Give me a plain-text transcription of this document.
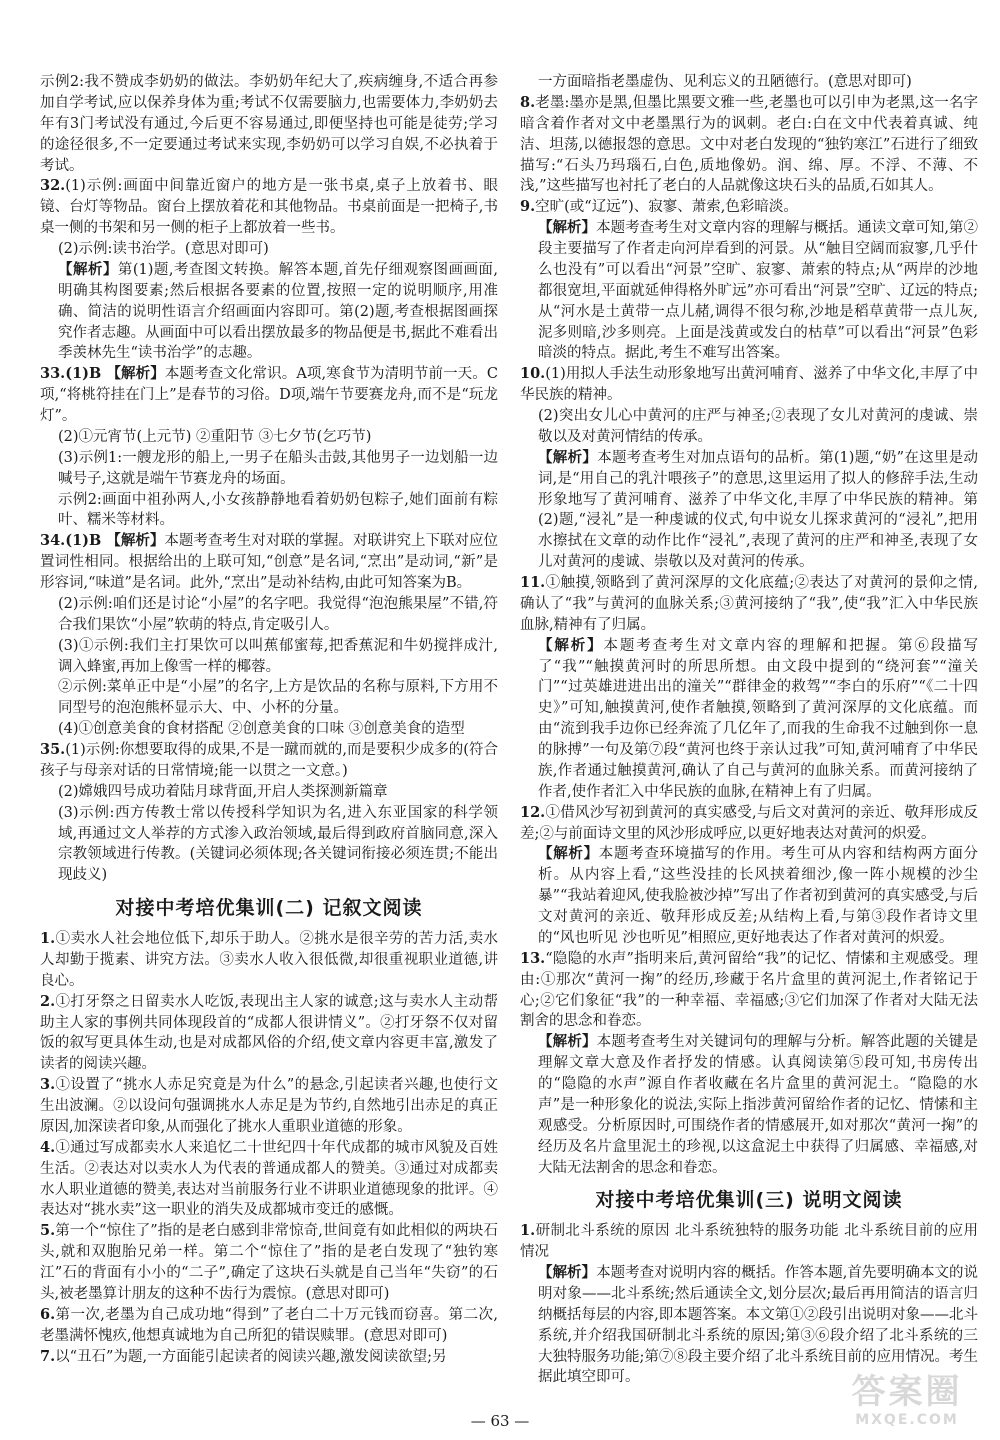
示例2:我不赞成李奶奶的做法。李奶奶年纪大了,疾病缠身,不适合再参加自学考试,应以保养身体为重;考试不仅需要脑力,也需要体力,李奶奶去年有3门考试没有通过,今后更不容易通过,即便坚持也可能是徒劳;学习的途径很多,不一定要通过考试来实现,李奶奶可以学习自娱,不必执着于考试。

32.(1)示例:画面中间靠近窗户的地方是一张书桌,桌子上放着书、眼镜、台灯等物品。窗台上摆放着花和其他物品。书桌前面是一把椅子,书桌一侧的书架和另一侧的柜子上都放着一些书。

(2)示例:读书治学。(意思对即可)

【解析】第(1)题,考查图文转换。解答本题,首先仔细观察图画画面,明确其构图要素;然后根据各要素的位置,按照一定的说明顺序,用准确、简洁的说明性语言介绍画面内容即可。第(2)题,考查根据图画探究作者志趣。从画面中可以看出摆放最多的物品便是书,据此不难看出季羡林先生“读书治学”的志趣。

33.(1)B 【解析】本题考查文化常识。A项,寒食节为清明节前一天。C项,“将桃符挂在门上”是春节的习俗。D项,端午节要赛龙舟,而不是“玩龙灯”。

(2)①元宵节(上元节) ②重阳节 ③七夕节(乞巧节)

(3)示例1:一艘龙形的船上,一男子在船头击鼓,其他男子一边划船一边喊号子,这就是端午节赛龙舟的场面。

示例2:画面中祖孙两人,小女孩静静地看着奶奶包粽子,她们面前有粽叶、糯米等材料。

34.(1)B 【解析】本题考查考生对对联的掌握。对联讲究上下联对应位置词性相同。根据给出的上联可知,“创意”是名词,“烹出”是动词,“新”是形容词,“味道”是名词。此外,“烹出”是动补结构,由此可知答案为B。

(2)示例:咱们还是讨论“小屋”的名字吧。我觉得“泡泡熊果屋”不错,符合我们果饮“小屋”软萌的特点,肯定吸引人。

(3)①示例:我们主打果饮可以叫蕉郁蜜莓,把香蕉泥和牛奶搅拌成汁,调入蜂蜜,再加上像雪一样的椰蓉。

②示例:菜单正中是“小屋”的名字,上方是饮品的名称与原料,下方用不同型号的泡泡熊杯显示大、中、小杯的分量。

(4)①创意美食的食材搭配 ②创意美食的口味 ③创意美食的造型

35.(1)示例:你想要取得的成果,不是一蹴而就的,而是要积少成多的(符合孩子与母亲对话的日常情境;能一以贯之一文意。)

(2)嫦娥四号成功着陆月球背面,开启人类探测新篇章

(3)示例:西方传教士常以传授科学知识为名,进入东亚国家的科学领域,再通过文人举荐的方式渗入政治领域,最后得到政府首脑同意,深入宗教领域进行传教。(关键词必须体现;各关键词衔接必须连贯;不能出现歧义)

对接中考培优集训(二) 记叙文阅读

1.①卖水人社会地位低下,却乐于助人。②挑水是很辛劳的苦力活,卖水人却勤于揽素、讲究方法。③卖水人收入很低微,却很重视职业道德,讲良心。

2.①打牙祭之日留卖水人吃饭,表现出主人家的诚意;这与卖水人主动帮助主人家的事例共同体现段首的“成都人很讲情义”。②打牙祭不仅对留饭的叙写更具体生动,也是对成都风俗的介绍,使文章内容更丰富,激发了读者的阅读兴趣。

3.①设置了“挑水人赤足究竟是为什么”的悬念,引起读者兴趣,也使行文生出波澜。②以设问句强调挑水人赤足是为节约,自然地引出赤足的真正原因,加深读者印象,从而强化了挑水人重职业道德的形象。

4.①通过写成都卖水人来追忆二十世纪四十年代成都的城市风貌及百姓生活。②表达对以卖水人为代表的普通成都人的赞美。③通过对成都卖水人职业道德的赞美,表达对当前服务行业不讲职业道德现象的批评。④表达对“挑水卖”这一职业的消失及成都城市变迁的感慨。

5.第一个“惊住了”指的是老白感到非常惊奇,世间竟有如此相似的两块石头,就和双胞胎兄弟一样。第二个“惊住了”指的是老白发现了“独钓寒江”石的背面有小小的“二子”,确定了这块石头就是自己当年“失窃”的石头,被老墨算计朋友的这种不齿行为震惊。(意思对即可)

6.第一次,老墨为自己成功地“得到”了老白二十万元钱而窃喜。第二次,老墨满怀愧疚,他想真诚地为自己所犯的错误赎罪。(意思对即可)

7.以“丑石”为题,一方面能引起读者的阅读兴趣,激发阅读欲望;另

一方面暗指老墨虚伪、见利忘义的丑陋德行。(意思对即可)

8.老墨:墨亦是黑,但墨比黑要文雅一些,老墨也可以引申为老黑,这一名字暗含着作者对文中老墨黑行为的讽刺。老白:白在文中代表着真诚、纯洁、坦荡,以德报怨的意思。文中对老白发现的“独钓寒江”石进行了细致描写:“石头乃玛瑙石,白色,质地像奶。润、绵、厚。不浮、不薄、不浅,”这些描写也衬托了老白的人品就像这块石头的品质,石如其人。

9.空旷(或“辽远”)、寂寥、萧索,色彩暗淡。

【解析】本题考查考生对文章内容的理解与概括。通读文章可知,第②段主要描写了作者走向河岸看到的河景。从“触目空阔而寂寥,几乎什么也没有”可以看出“河景”空旷、寂寥、萧索的特点;从“两岸的沙地都很宽坦,平面就延伸得格外旷远”亦可看出“河景”空旷、辽远的特点;从“河水是土黄带一点儿赭,调得不很匀称,沙地是稻草黄带一点儿灰,泥多则暗,沙多则亮。上面是浅黄或发白的枯草”可以看出“河景”色彩暗淡的特点。据此,考生不难写出答案。

10.(1)用拟人手法生动形象地写出黄河哺育、滋养了中华文化,丰厚了中华民族的精神。

(2)突出女儿心中黄河的庄严与神圣;②表现了女儿对黄河的虔诚、崇敬以及对黄河情结的传承。

【解析】本题考查考生对加点语句的品析。第(1)题,“奶”在这里是动词,是“用自己的乳汁喂孩子”的意思,这里运用了拟人的修辞手法,生动形象地写了黄河哺育、滋养了中华文化,丰厚了中华民族的精神。第(2)题,“浸礼”是一种虔诚的仪式,句中说女儿探求黄河的“浸礼”,把用水擦拭在文章的动作比作“浸礼”,表现了黄河的庄严和神圣,表现了女儿对黄河的虔诚、崇敬以及对黄河的传承。

11.①触摸,领略到了黄河深厚的文化底蕴;②表达了对黄河的景仰之情,确认了“我”与黄河的血脉关系;③黄河接纳了“我”,使“我”汇入中华民族血脉,精神有了归属。

【解析】本题考查考生对文章内容的理解和把握。第⑥段描写了“我”“触摸黄河时的所思所想。由文段中提到的“绕河套”“潼关门”“过英雄进进出出的潼关”“群律金的救驾”“李白的乐府”“《二十四史》”可知,触摸黄河,使作者触摸,领略到了黄河深厚的文化底蕴。而由“流到我手边你已经奔流了几亿年了,而我的生命我不过触到你一息的脉搏”一句及第⑦段“黄河也终于亲认过我”可知,黄河哺育了中华民族,作者通过触摸黄河,确认了自己与黄河的血脉关系。而黄河接纳了作者,使作者汇入中华民族的血脉,在精神上有了归属。

12.①借风沙写初到黄河的真实感受,与后文对黄河的亲近、敬拜形成反差;②与前面诗文里的风沙形成呼应,以更好地表达对黄河的炽爱。

【解析】本题考查环境描写的作用。考生可从内容和结构两方面分析。从内容上看,“这些没挂的长风挟着细沙,像一阵小规模的沙尘暴”“我站着迎风,使我脸被沙掉”写出了作者初到黄河的真实感受,与后文对黄河的亲近、敬拜形成反差;从结构上看,与第③段作者诗文里的“风也听见 沙也听见”相照应,更好地表达了作者对黄河的炽爱。

13.“隐隐的水声”指明来后,黄河留给“我”的记忆、情愫和主观感受。理由:①那次“黄河一掬”的经历,珍藏于名片盒里的黄河泥土,作者铭记于心;②它们象征“我”的一种幸福、幸福感;③它们加深了作者对大陆无法割舍的思念和眷恋。

【解析】本题考查考生对关键词句的理解与分析。解答此题的关键是理解文章大意及作者抒发的情感。认真阅读第⑤段可知,书房传出的“隐隐的水声”源自作者收藏在名片盒里的黄河泥土。“隐隐的水声”是一种形象化的说法,实际上指涉黄河留给作者的记忆、情愫和主观感受。分析原因时,可围绕作者的情感展开,如对那次“黄河一掬”的经历及名片盒里泥土的珍视,以这盒泥土中获得了归属感、幸福感,对大陆无法割舍的思念和眷恋。

对接中考培优集训(三) 说明文阅读

1.研制北斗系统的原因 北斗系统独特的服务功能 北斗系统目前的应用情况

【解析】本题考查对说明内容的概括。作答本题,首先要明确本文的说明对象——北斗系统;然后通读全文,划分层次;最后再用简洁的语言归纳概括每层的内容,即本题答案。本文第①②段引出说明对象——北斗系统,并介绍我国研制北斗系统的原因;第③⑥段介绍了北斗系统的三大独特服务功能;第⑦⑧段主要介绍了北斗系统目前的应用情况。考生据此填空即可。

— 63 —
答案圈
MXQE.COM
